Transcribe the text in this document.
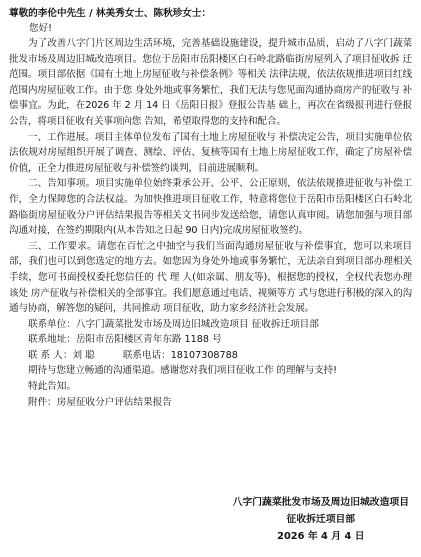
尊敬的李伦中先生 / 林美秀女士、陈秋珍女士：
您好!

为了改善八字门片区周边生活环境，完善基础设施建设，提升城市品质，启动了八字门蔬菜批发市场及周边旧城改造项目。您位于岳阳市岳阳楼区白石岭北路临街房屋列入了项目征收拆 迁范围。项目部依据《国有土地上房屋征收与补偿条例》等相关 法律法规，依法依规推进项目红线范围内房屋征收工作。由于您 身处外地或事务繁忙，我们无法与您见面沟通协商房产的征收与 补偿事宜。为此，在2026 年 2 月 14 日《岳阳日报》登报公告基 础上，再次在省级报刊进行登报公告，将项目征收有关事项向您 告知，希望取得您的支持和配合。

一、工作进展。项目主体单位发布了国有土地上房屋征收与 补偿决定公告，项目实施单位依法依规对房屋组织开展了调查、测绘、评估、复核等国有土地上房屋征收工作，确定了房屋补偿 价值，正全力推进房屋征收与补偿签约谈判，目前进展顺利。

二、告知事项。项目实施单位始终秉承公开、公平、公正原则，依法依规推进征收与补偿工作，全力保障您的合法权益。为加快推进项目征收工作，特意将您位于岳阳市岳阳楼区白石岭北 路临街房屋征收分户评估结果报告等相关文书同步发送给您，请您认真审阅。请您加强与项目部沟通对接，在签约期限内(从本告知之日起 90 日内)完成房屋征收签约。

三、工作要求。请您在百忙之中抽空与我们当面沟通房屋征收与补偿事宜，您可以来项目部，我们也可以到您选定的地方去。如您因为身处外地或事务繁忙，无法亲自到项目部办理相关手续，您可书面授权委托您信任的 代 理 人(如亲属、朋友等)，根据您的授权，全权代表您办理该处 房产征收与补偿相关的全部事宜。我们愿意通过电话、视频等方 式与您进行积极的深入的沟通与协商，解答您的疑问，共同推动 项目征收，助力家乡经济社会发展。

联系单位： 八字门蔬菜批发市场及周边旧城改造项目 征收拆迁项目部
联系地址： 岳阳市岳阳楼区青年东路 1188 号
联 系 人： 刘 聪	联系电话： 18107308788

期待与您建立畅通的沟通渠道。感谢您对我们项目征收工作 的理解与支持!

特此告知。
附件：房屋征收分户评估结果报告
八字门蔬菜批发市场及周边旧城改造项目
征收拆迁项目部
2026 年 4 月 4 日
